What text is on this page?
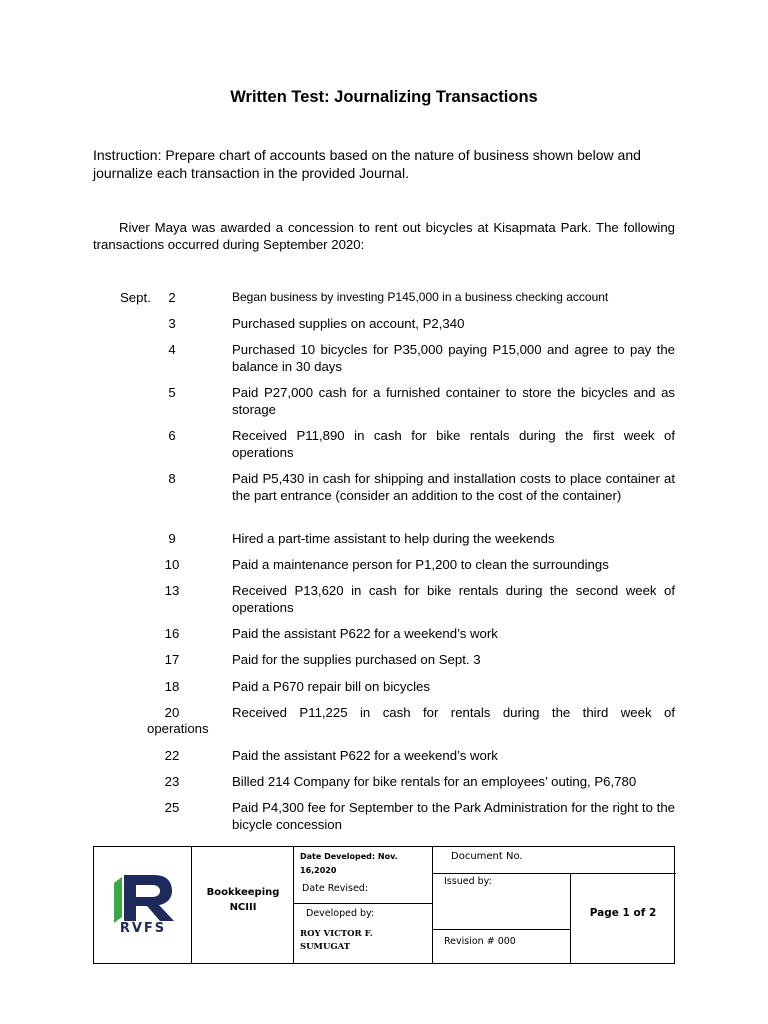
Written Test: Journalizing Transactions
Instruction: Prepare chart of accounts based on the nature of business shown below and journalize each transaction in the provided Journal.
River Maya was awarded a concession to rent out bicycles at Kisapmata Park. The following transactions occurred during September 2020:
Sept.	2	Began business by investing P145,000 in a business checking account
3	Purchased supplies on account, P2,340
4	Purchased 10 bicycles for P35,000 paying P15,000 and agree to pay the balance in 30 days
5	Paid P27,000 cash for a furnished container to store the bicycles and as storage
6	Received P11,890 in cash for bike rentals during the first week of operations
8	Paid P5,430 in cash for shipping and installation costs to place container at the part entrance (consider an addition to the cost of the container)
9	Hired a part-time assistant to help during the weekends
10	Paid a maintenance person for P1,200 to clean the surroundings
13	Received P13,620 in cash for bike rentals during the second week of operations
16	Paid the assistant P622 for a weekend’s work
17	Paid for the supplies purchased on Sept. 3
18	Paid a P670 repair bill on bicycles
20	Received P11,225 in cash for rentals during the third week of
operations
22	Paid the assistant P622 for a weekend’s work
23	Billed 214 Company for bike rentals for an employees’ outing, P6,780
25	Paid P4,300 fee for September to the Park Administration for the right to the bicycle concession
RVFS
Bookkeeping NCIII
Date Developed: Nov. 16,2020
Date Revised:
Developed by:
ROY VICTOR F. SUMUGAT
Document No.
Issued by:
Revision # 000
Page 1 of 2
